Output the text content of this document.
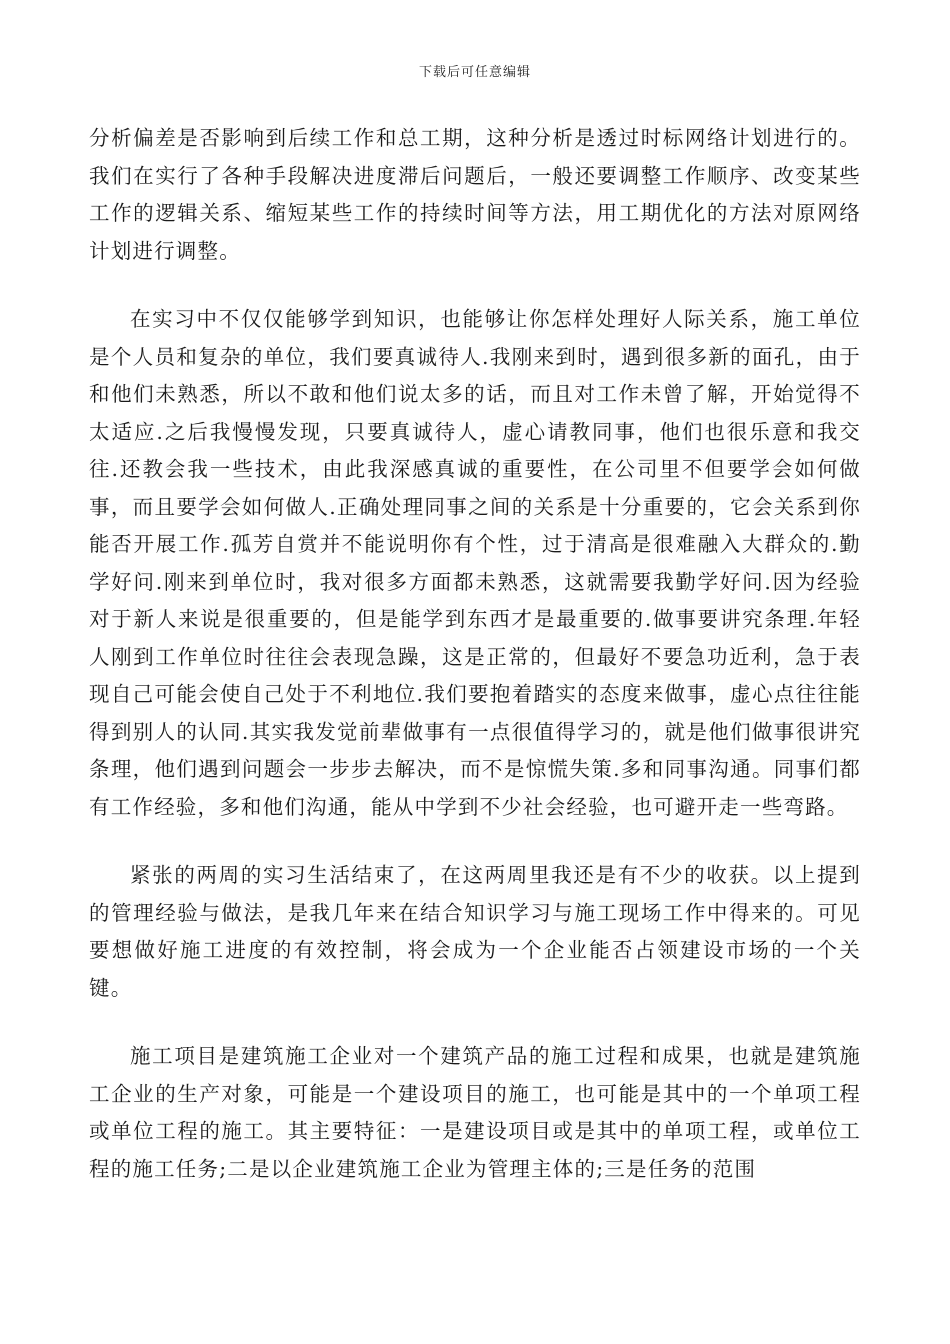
下载后可任意编辑

分析偏差是否影响到后续工作和总工期，这种分析是透过时标网络计划进行的。我们在实行了各种手段解决进度滞后问题后，一般还要调整工作顺序、改变某些工作的逻辑关系、缩短某些工作的持续时间等方法，用工期优化的方法对原网络计划进行调整。

在实习中不仅仅能够学到知识，也能够让你怎样处理好人际关系，施工单位是个人员和复杂的单位，我们要真诚待人.我刚来到时，遇到很多新的面孔，由于和他们未熟悉，所以不敢和他们说太多的话，而且对工作未曾了解，开始觉得不太适应.之后我慢慢发现，只要真诚待人，虚心请教同事，他们也很乐意和我交往.还教会我一些技术，由此我深感真诚的重要性，在公司里不但要学会如何做事，而且要学会如何做人.正确处理同事之间的关系是十分重要的，它会关系到你能否开展工作.孤芳自赏并不能说明你有个性，过于清高是很难融入大群众的.勤学好问.刚来到单位时，我对很多方面都未熟悉，这就需要我勤学好问.因为经验对于新人来说是很重要的，但是能学到东西才是最重要的.做事要讲究条理.年轻人刚到工作单位时往往会表现急躁，这是正常的，但最好不要急功近利，急于表现自己可能会使自己处于不利地位.我们要抱着踏实的态度来做事，虚心点往往能得到别人的认同.其实我发觉前辈做事有一点很值得学习的，就是他们做事很讲究条理，他们遇到问题会一步步去解决，而不是惊慌失策.多和同事沟通。同事们都有工作经验，多和他们沟通，能从中学到不少社会经验，也可避开走一些弯路。

紧张的两周的实习生活结束了，在这两周里我还是有不少的收获。以上提到的管理经验与做法，是我几年来在结合知识学习与施工现场工作中得来的。可见要想做好施工进度的有效控制，将会成为一个企业能否占领建设市场的一个关键。

施工项目是建筑施工企业对一个建筑产品的施工过程和成果，也就是建筑施工企业的生产对象，可能是一个建设项目的施工，也可能是其中的一个单项工程或单位工程的施工。其主要特征：一是建设项目或是其中的单项工程，或单位工程的施工任务;二是以企业建筑施工企业为管理主体的;三是任务的范围
